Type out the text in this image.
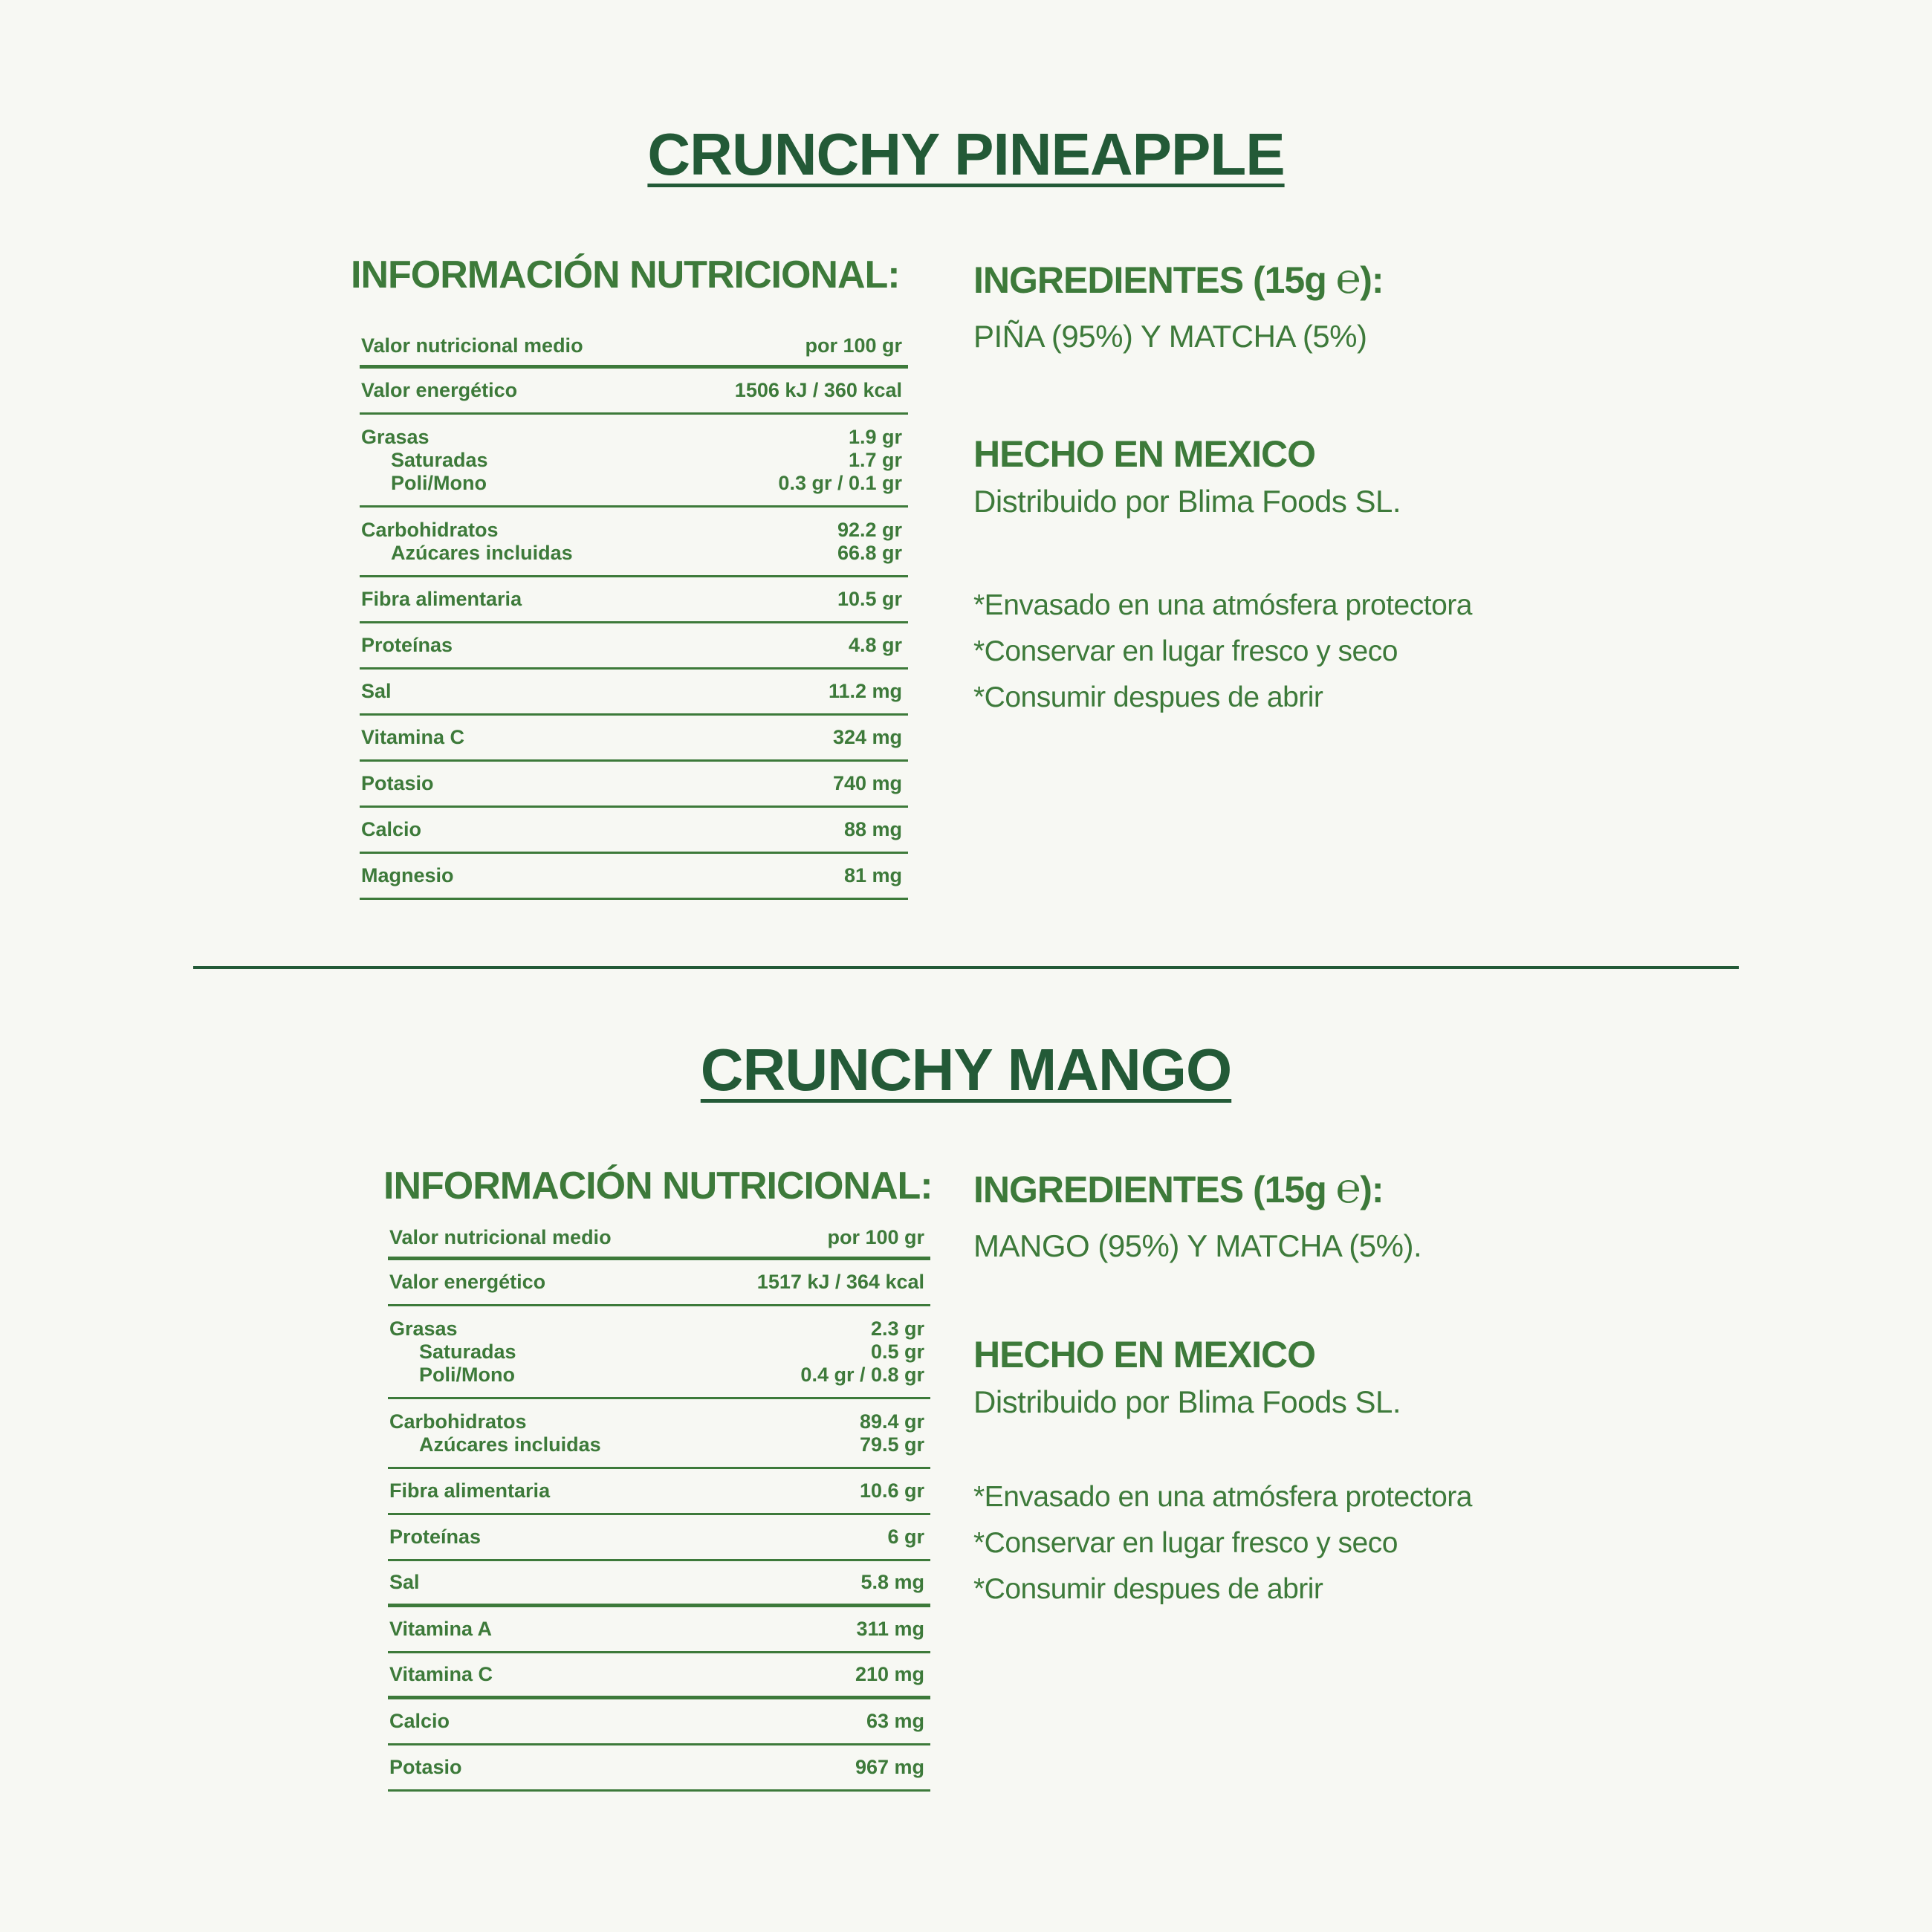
CRUNCHY PINEAPPLE
INFORMACIÓN NUTRICIONAL:
Valor nutricional medio	por 100 gr
Valor energético	1506 kJ / 360 kcal
Grasas	1.9 gr
Saturadas	1.7 gr
Poli/Mono	0.3 gr / 0.1 gr
Carbohidratos	92.2 gr
Azúcares incluidas	66.8 gr
Fibra alimentaria	10.5 gr
Proteínas	4.8 gr
Sal	11.2 mg
Vitamina C	324 mg
Potasio	740 mg
Calcio	88 mg
Magnesio	81 mg
INGREDIENTES (15g ℮):

PIÑA (95%) Y MATCHA (5%)

HECHO EN MEXICO

Distribuido por Blima Foods SL.

*Envasado en una atmósfera protectora
*Conservar en lugar fresco y seco
*Consumir despues de abrir
CRUNCHY MANGO
INFORMACIÓN NUTRICIONAL:
Valor nutricional medio	por 100 gr
Valor energético	1517 kJ / 364 kcal
Grasas	2.3 gr
Saturadas	0.5 gr
Poli/Mono	0.4 gr / 0.8 gr
Carbohidratos	89.4 gr
Azúcares incluidas	79.5 gr
Fibra alimentaria	10.6 gr
Proteínas	6 gr
Sal	5.8 mg
Vitamina A	311 mg
Vitamina C	210 mg
Calcio	63 mg
Potasio	967 mg
INGREDIENTES (15g ℮):

MANGO (95%) Y MATCHA (5%).

HECHO EN MEXICO

Distribuido por Blima Foods SL.

*Envasado en una atmósfera protectora
*Conservar en lugar fresco y seco
*Consumir despues de abrir
